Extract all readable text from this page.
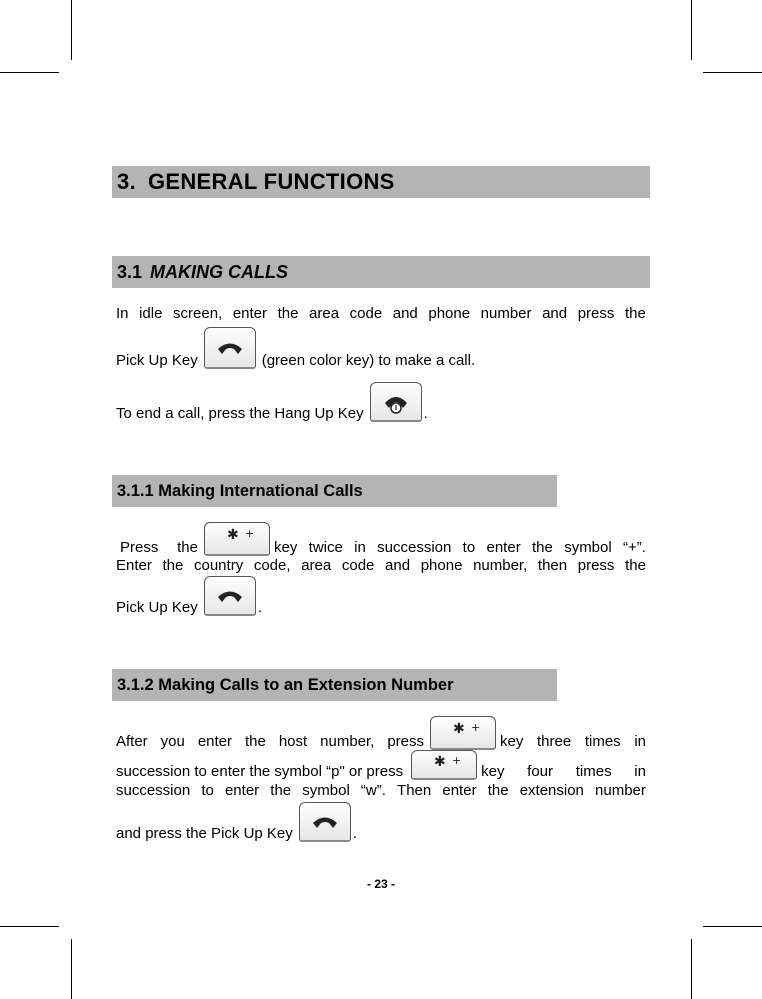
3. GENERAL FUNCTIONS
3.1 MAKING CALLS
In idle screen, enter the area code and phone number and press the
Pick Up Key	(green color key) to make a call.
To end a call, press the Hang Up Key	.
3.1.1 Making International Calls
Press the
✱ +
key twice in succession to enter the symbol “+”.
Enter the country code, area code and phone number, then press the
Pick Up Key	.
3.1.2 Making Calls to an Extension Number
After you enter the host number, press
✱ +
key three times in
succession to enter the symbol “p" or press
✱ +
key four times in
succession to enter the symbol “w”. Then enter the extension number
and press the Pick Up Key	.
- 23 -
